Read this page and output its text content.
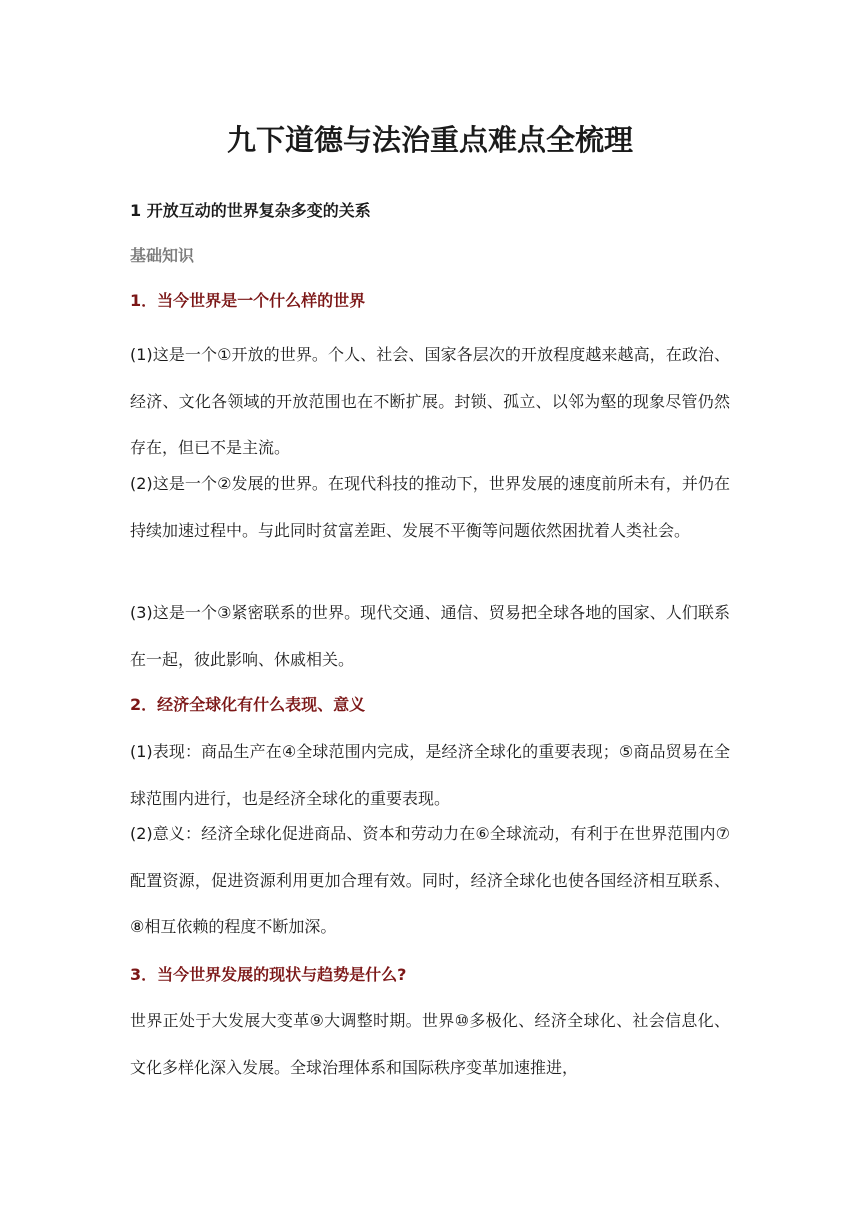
九下道德与法治重点难点全梳理
1 开放互动的世界复杂多变的关系
基础知识
1．当今世界是一个什么样的世界

(1)这是一个①开放的世界。个人、社会、国家各层次的开放程度越来越高，在政治、经济、文化各领域的开放范围也在不断扩展。封锁、孤立、以邻为壑的现象尽管仍然存在，但已不是主流。

(2)这是一个②发展的世界。在现代科技的推动下，世界发展的速度前所未有，并仍在持续加速过程中。与此同时贫富差距、发展不平衡等问题依然困扰着人类社会。

(3)这是一个③紧密联系的世界。现代交通、通信、贸易把全球各地的国家、人们联系在一起，彼此影响、休戚相关。

2．经济全球化有什么表现、意义

(1)表现：商品生产在④全球范围内完成，是经济全球化的重要表现；⑤商品贸易在全球范围内进行，也是经济全球化的重要表现。

(2)意义：经济全球化促进商品、资本和劳动力在⑥全球流动，有利于在世界范围内⑦配置资源，促进资源利用更加合理有效。同时，经济全球化也使各国经济相互联系、⑧相互依赖的程度不断加深。

3．当今世界发展的现状与趋势是什么?

世界正处于大发展大变革⑨大调整时期。世界⑩多极化、经济全球化、社会信息化、文化多样化深入发展。全球治理体系和国际秩序变革加速推进，
